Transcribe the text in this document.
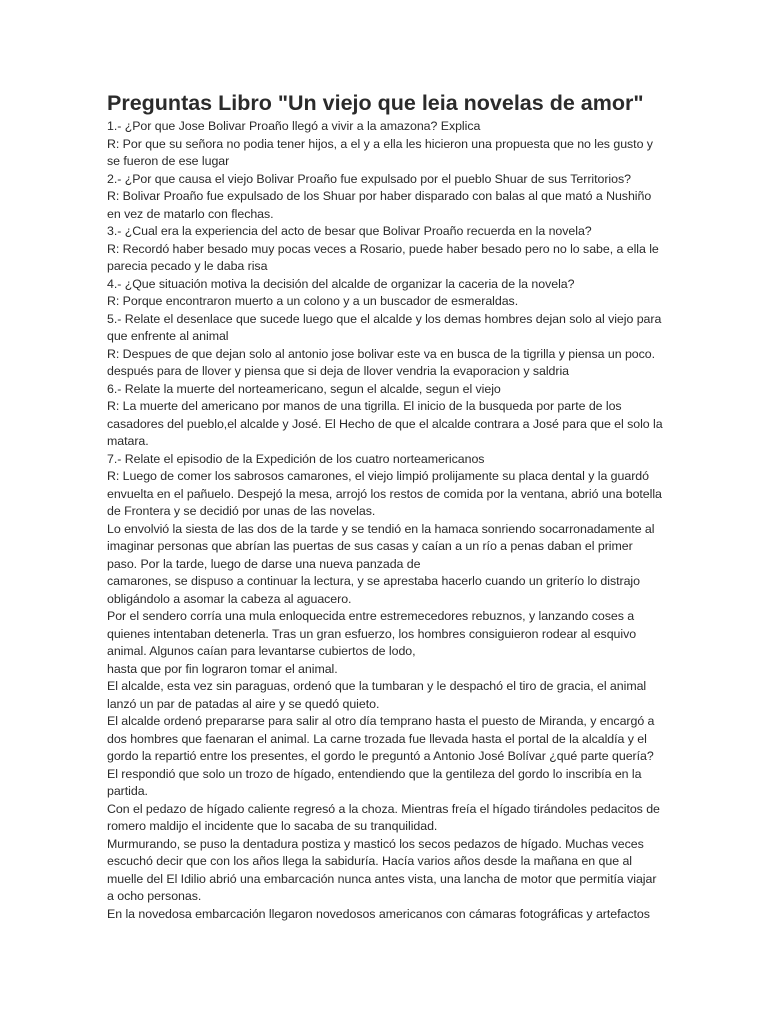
Preguntas Libro "Un viejo que leia novelas de amor"

1.- ¿Por que Jose Bolivar Proaño llegó a vivir a la amazona? Explica

R: Por que su señora no podia tener hijos, a el y a ella les hicieron una propuesta que no les gusto y se fueron de ese lugar

2.- ¿Por que causa el viejo Bolivar Proaño fue expulsado por el pueblo Shuar de sus Territorios?

R: Bolivar Proaño fue expulsado de los Shuar por haber disparado con balas al que mató a Nushiño en vez de matarlo con flechas.

3.- ¿Cual era la experiencia del acto de besar que Bolivar Proaño recuerda en la novela?

R: Recordó haber besado muy pocas veces a Rosario, puede haber besado pero no lo sabe, a ella le parecia pecado y le daba risa

4.- ¿Que situación motiva la decisión del alcalde de organizar la caceria de la novela?

R: Porque encontraron muerto a un colono y a un buscador de esmeraldas.

5.- Relate el desenlace que sucede luego que el alcalde y los demas hombres dejan solo al viejo para que enfrente al animal

R: Despues de que dejan solo al antonio jose bolivar este va en busca de la tigrilla y piensa un poco. después para de llover y piensa que si deja de llover vendria la evaporacion y saldria

6.- Relate la muerte del norteamericano, segun el alcalde, segun el viejo

R: La muerte del americano por manos de una tigrilla. El inicio de la busqueda por parte de los casadores del pueblo,el alcalde y José. El Hecho de que el alcalde contrara a José para que el solo la matara.

7.- Relate el episodio de la Expedición de los cuatro norteamericanos

R: Luego de comer los sabrosos camarones, el viejo limpió prolijamente su placa dental y la guardó envuelta en el pañuelo. Despejó la mesa, arrojó los restos de comida por la ventana, abrió una botella de Frontera y se decidió por unas de las novelas.

Lo envolvió la siesta de las dos de la tarde y se tendió en la hamaca sonriendo socarronadamente al imaginar personas que abrían las puertas de sus casas y caían a un río a penas daban el primer paso. Por la tarde, luego de darse una nueva panzada de

camarones, se dispuso a continuar la lectura, y se aprestaba hacerlo cuando un griterío lo distrajo obligándolo a asomar la cabeza al aguacero.

Por el sendero corría una mula enloquecida entre estremecedores rebuznos, y lanzando coses a quienes intentaban detenerla. Tras un gran esfuerzo, los hombres consiguieron rodear al esquivo animal. Algunos caían para levantarse cubiertos de lodo,

hasta que por fin lograron tomar el animal.

El alcalde, esta vez sin paraguas, ordenó que la tumbaran y le despachó el tiro de gracia, el animal lanzó un par de patadas al aire y se quedó quieto.

El alcalde ordenó prepararse para salir al otro día temprano hasta el puesto de Miranda, y encargó a dos hombres que faenaran el animal. La carne trozada fue llevada hasta el portal de la alcaldía y el gordo la repartió entre los presentes, el gordo le preguntó a Antonio José Bolívar ¿qué parte quería? El respondió que solo un trozo de hígado, entendiendo que la gentileza del gordo lo inscribía en la partida.

Con el pedazo de hígado caliente regresó a la choza. Mientras freía el hígado tirándoles pedacitos de romero maldijo el incidente que lo sacaba de su tranquilidad.

Murmurando, se puso la dentadura postiza y masticó los secos pedazos de hígado. Muchas veces escuchó decir que con los años llega la sabiduría. Hacía varios años desde la mañana en que al muelle del El Idilio abrió una embarcación nunca antes vista, una lancha de motor que permitía viajar a ocho personas.

En la novedosa embarcación llegaron novedosos americanos con cámaras fotográficas y artefactos
